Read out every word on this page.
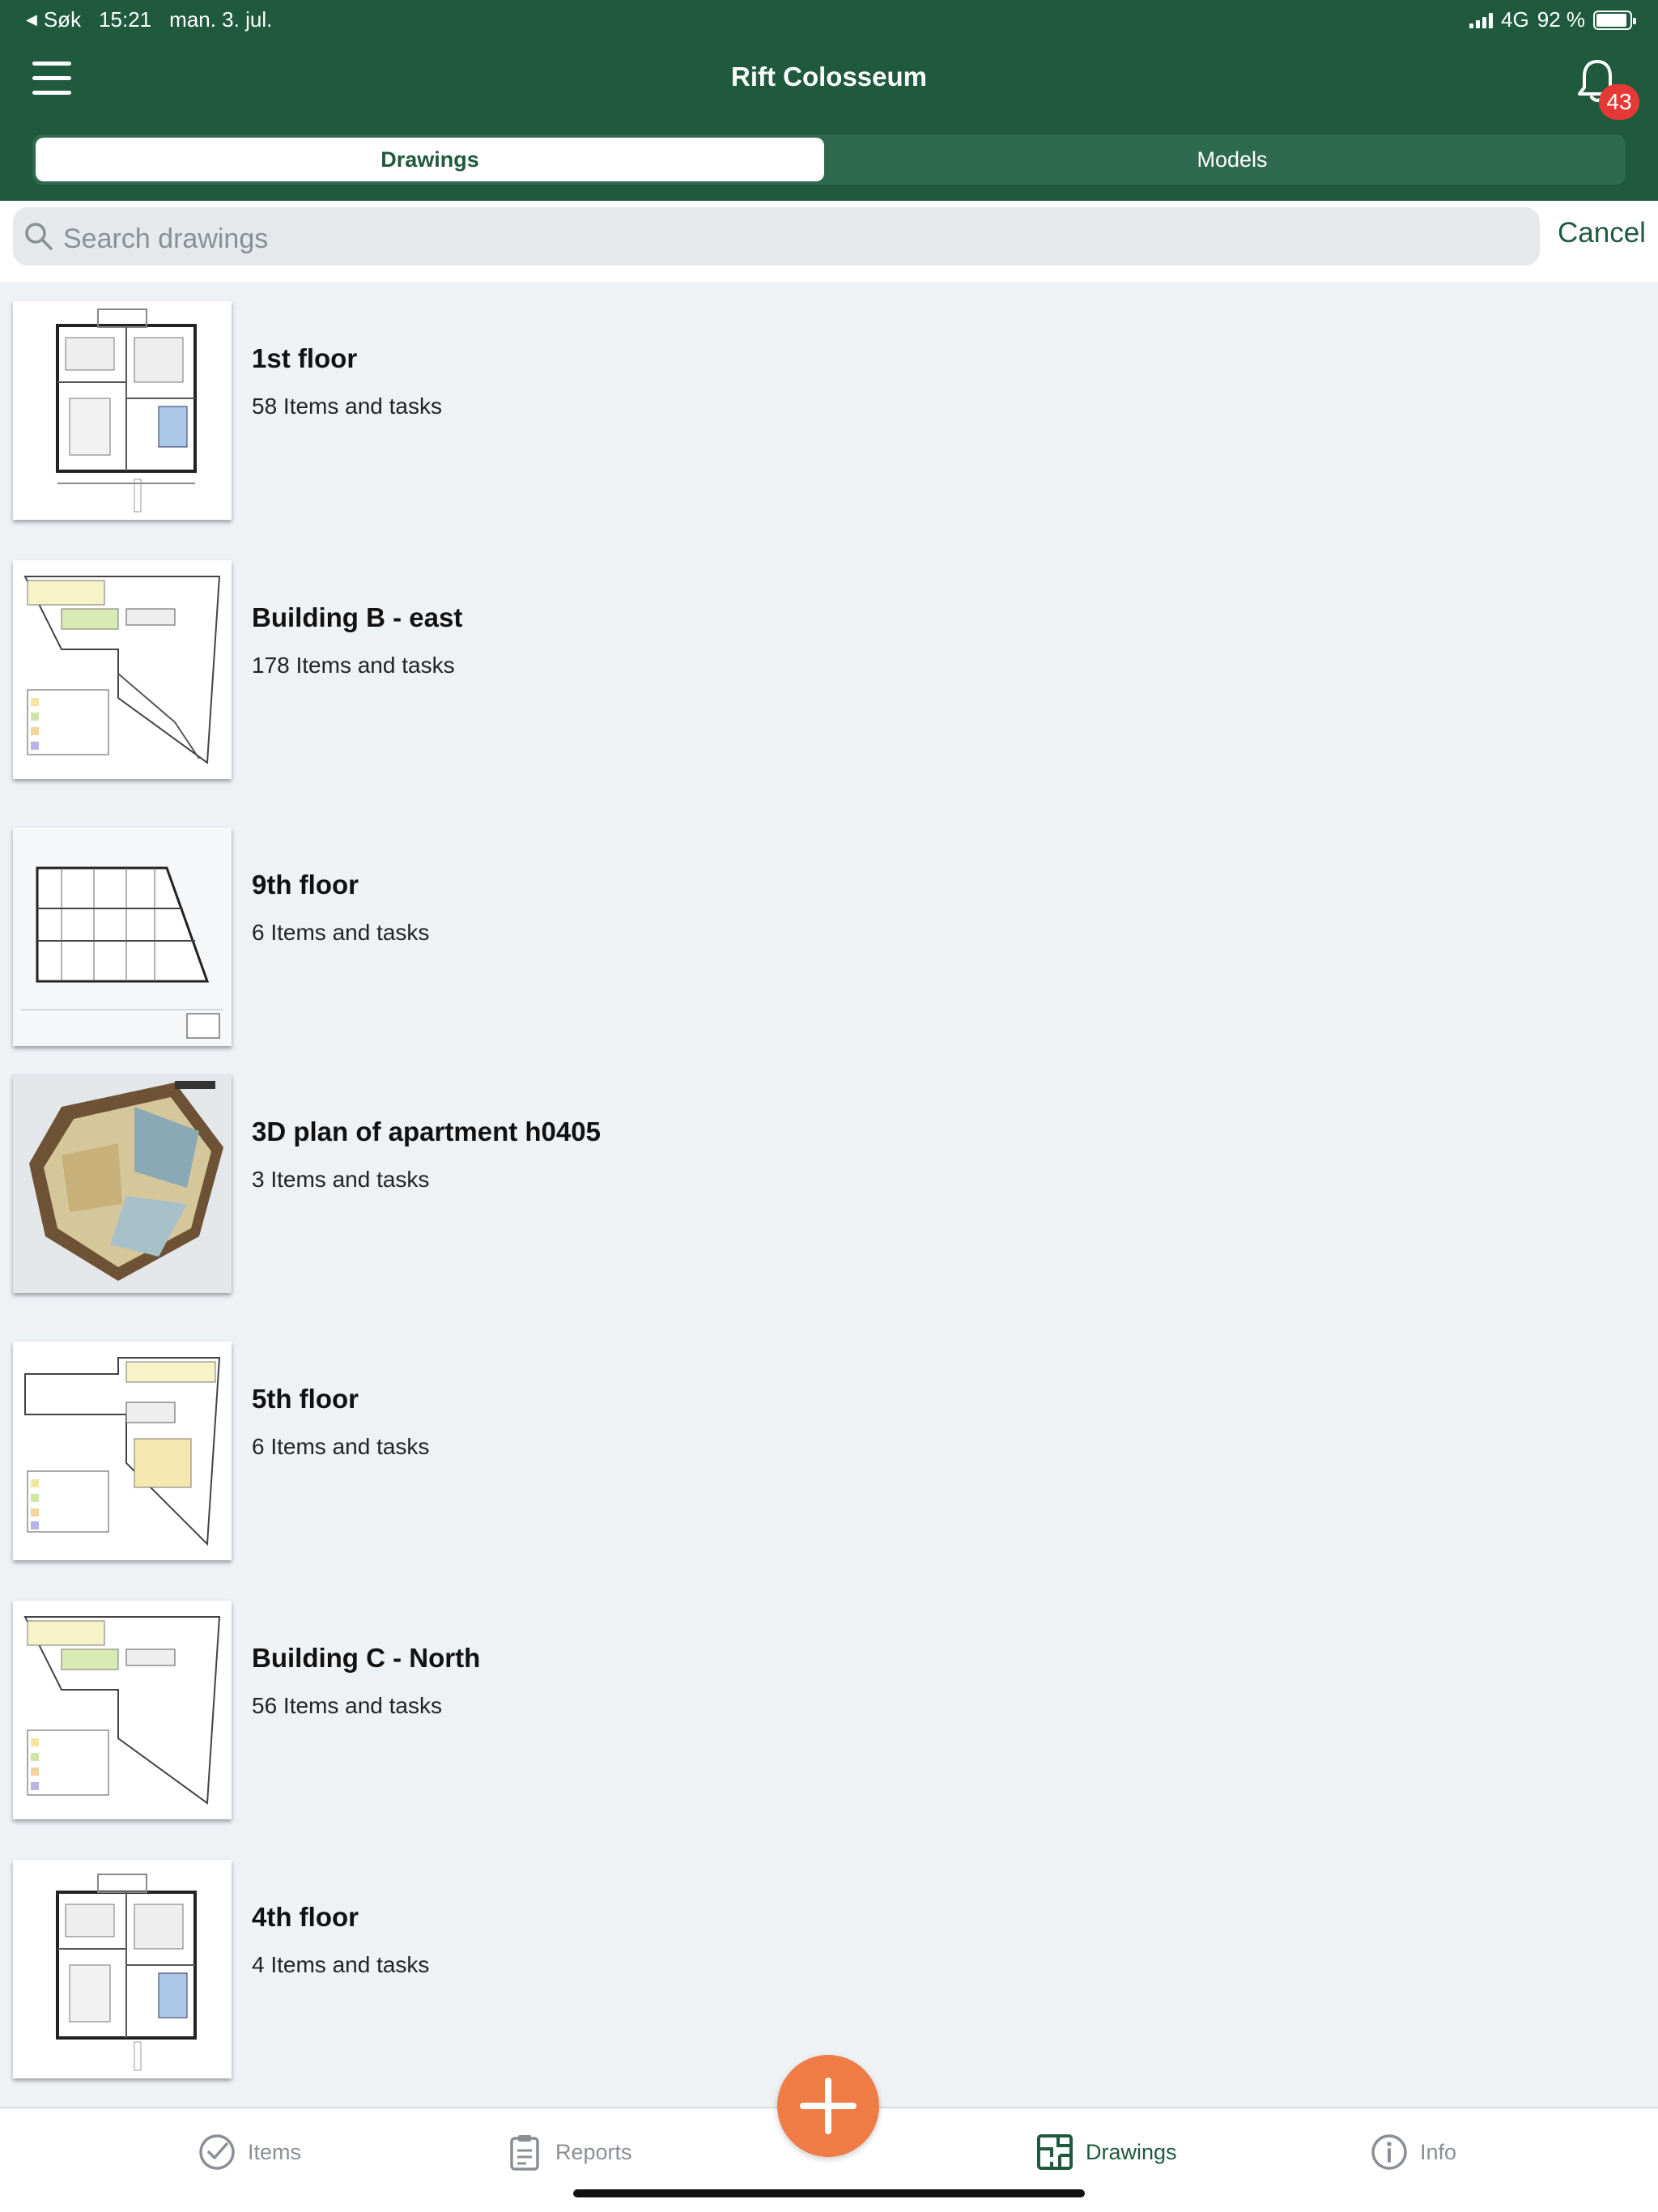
◀ Søk 15:21 man. 3. jul.	4G 92 %
Rift Colosseum
43
Drawings	Models
Search drawings	Cancel
1st floor
58 Items and tasks
Building B - east
178 Items and tasks
9th floor
6 Items and tasks
3D plan of apartment h0405
3 Items and tasks
5th floor
6 Items and tasks
Building C - North
56 Items and tasks
4th floor
4 Items and tasks
Items	Reports	Drawings	Info
